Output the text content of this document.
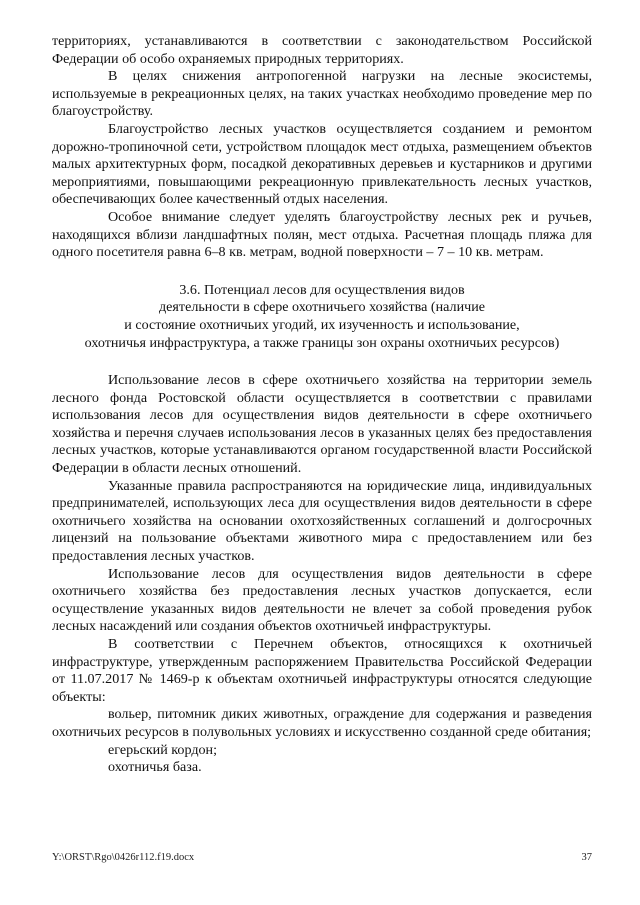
территориях, устанавливаются в соответствии с законодательством Российской Федерации об особо охраняемых природных территориях.

В целях снижения антропогенной нагрузки на лесные экосистемы, используемые в рекреационных целях, на таких участках необходимо проведение мер по благоустройству.

Благоустройство лесных участков осуществляется созданием и ремонтом дорожно-тропиночной сети, устройством площадок мест отдыха, размещением объектов малых архитектурных форм, посадкой декоративных деревьев и кустарников и другими мероприятиями, повышающими рекреационную привлекательность лесных участков, обеспечивающих более качественный отдых населения.

Особое внимание следует уделять благоустройству лесных рек и ручьев, находящихся вблизи ландшафтных полян, мест отдыха. Расчетная площадь пляжа для одного посетителя равна 6–8 кв. метрам, водной поверхности – 7 – 10 кв. метрам.

3.6. Потенциал лесов для осуществления видов
деятельности в сфере охотничьего хозяйства (наличие
и состояние охотничьих угодий, их изученность и использование,
охотничья инфраструктура, а также границы зон охраны охотничьих ресурсов)

Использование лесов в сфере охотничьего хозяйства на территории земель лесного фонда Ростовской области осуществляется в соответствии с правилами использования лесов для осуществления видов деятельности в сфере охотничьего хозяйства и перечня случаев использования лесов в указанных целях без предоставления лесных участков, которые устанавливаются органом государственной власти Российской Федерации в области лесных отношений.

Указанные правила распространяются на юридические лица, индивидуальных предпринимателей, использующих леса для осуществления видов деятельности в сфере охотничьего хозяйства на основании охотхозяйственных соглашений и долгосрочных лицензий на пользование объектами животного мира с предоставлением или без предоставления лесных участков.

Использование лесов для осуществления видов деятельности в сфере охотничьего хозяйства без предоставления лесных участков допускается, если осуществление указанных видов деятельности не влечет за собой проведения рубок лесных насаждений или создания объектов охотничьей инфраструктуры.

В соответствии с Перечнем объектов, относящихся к охотничьей инфраструктуре, утвержденным распоряжением Правительства Российской Федерации от 11.07.2017 № 1469-р к объектам охотничьей инфраструктуры относятся следующие объекты:

вольер, питомник диких животных, ограждение для содержания и разведения охотничьих ресурсов в полувольных условиях и искусственно созданной среде обитания;

егерьский кордон;

охотничья база.

Y:\ORST\Rgo\0426r112.f19.docx	37
